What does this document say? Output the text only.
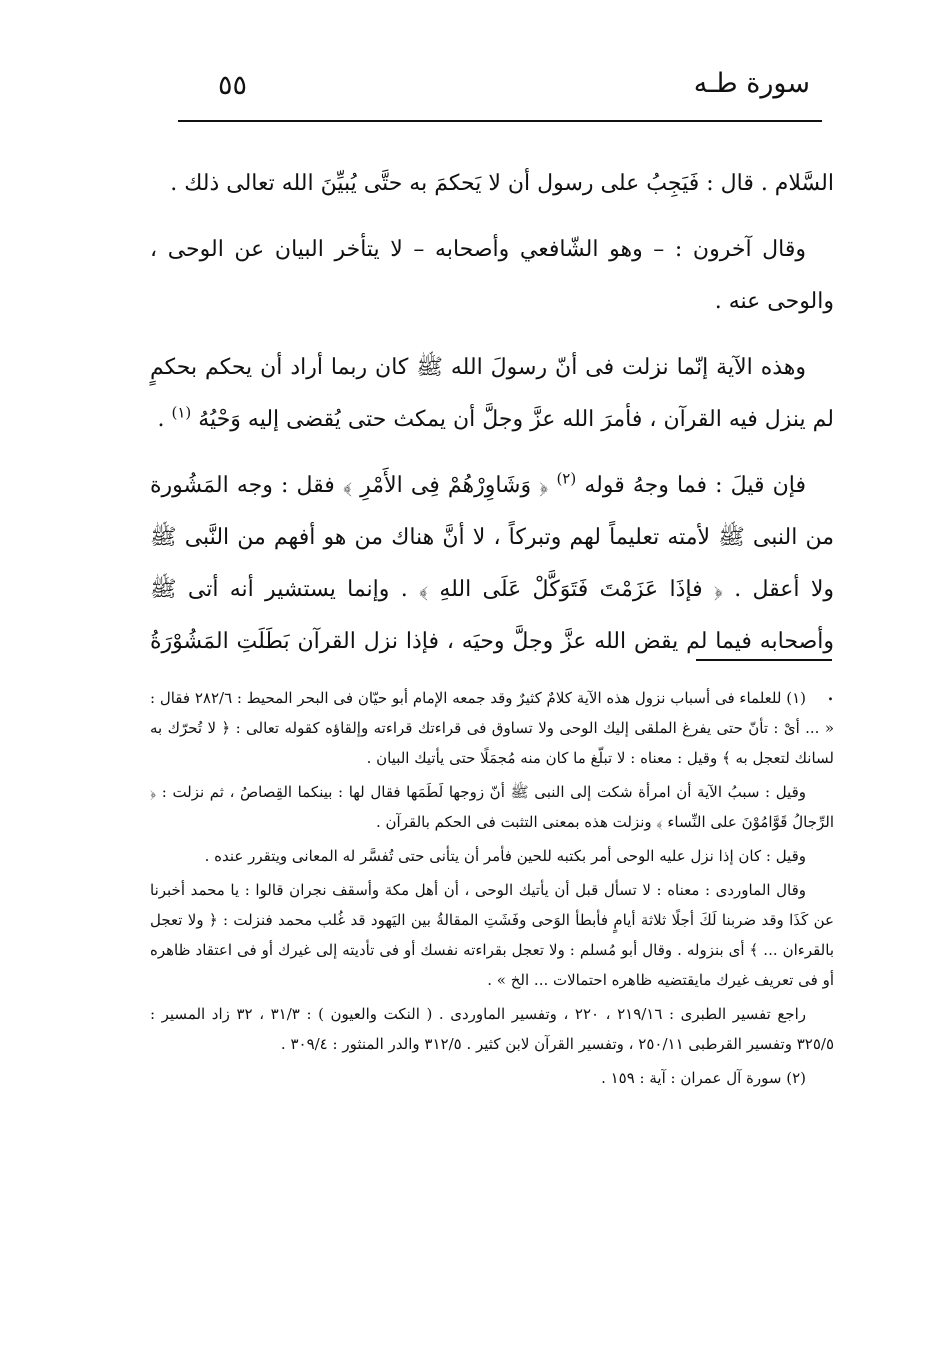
٥٥	سورة طـه

السَّلام . قال : فَيَجِبُ على رسول أن لا يَحكمَ به حتَّى يُبيِّنَ الله تعالى ذلك .

وقال آخرون : – وهو الشّافعي وأصحابه – لا يتأخر البيان عن الوحى ، والوحى عنه .

وهذه الآية إنّما نزلت فى أنّ رسولَ الله ﷺ كان ربما أراد أن يحكم بحكمٍ لم ينزل فيه القرآن ، فأمرَ الله عزَّ وجلَّ أن يمكث حتى يُقضى إليه وَحْيُهُ $^{(١)}$ .

فإن قيلَ : فما وجهُ قوله $^{(٢)}$ ﴿ وَشَاوِرْهُمْ فِى الأَمْرِ ﴾ فقل : وجه المَشُورة من النبى ﷺ لأمته تعليماً لهم وتبركاً ، لا أنَّ هناك من هو أفهم من النَّبى ﷺ ولا أعقل . ﴿ فإذَا عَزَمْتَ فَتَوَكَّلْ عَلَى اللهِ ﴾ . وإنما يستشير أنه أتى ﷺ وأصحابه فيما لم يقض الله عزَّ وجلَّ وحيَه ، فإذا نزل القرآن بَطَلَتِ المَشُوْرَةُ .

(١) للعلماء فى أسباب نزول هذه الآية كلامٌ كثيرٌ وقد جمعه الإمام أبو حيّان فى البحر المحيط : ٢٨٢/٦ فقال : « ... أىْ : تأنّ حتى يفرغ الملقى إليك الوحى ولا تساوق فى قراءتك قراءته وإلقاؤه كقوله تعالى : ﴿ لا تُحرّك به لسانك لتعجل به ﴾ وقيل : معناه : لا تبلّغ ما كان منه مُجمَلًا حتى يأتيك البيان .

وقيل : سببُ الآية أن امرأة شكت إلى النبى ﷺ أنّ زوجها لَطَمَها فقال لها : بينكما القِصاصُ ، ثم نزلت : ﴿ الرِّجالُ قَوَّامُوْنَ على النِّساء ﴾ ونزلت هذه بمعنى التثبت فى الحكم بالقرآن .

وقيل : كان إذا نزل عليه الوحى أمر بكتبه للحين فأمر أن يتأنى حتى تُفسَّر له المعانى ويتقرر عنده .

وقال الماوردى : معناه : لا تسأل قبل أن يأتيك الوحى ، أن أهل مكة وأسقف نجران قالوا : يا محمد أخبرنا عن كَذَا وقد ضربنا لَكَ أجلًا ثلاثة أيامٍ فأبطأ الوَحى وفَشَتِ المقالةُ بين اليَهود قد غُلب محمد فنزلت : ﴿ ولا تعجل بالقرءان ... ﴾ أى بنزوله . وقال أبو مُسلم : ولا تعجل بقراءته نفسك أو فى تأديته إلى غيرك أو فى اعتقاد ظاهره أو فى تعريف غيرك مايقتضيه ظاهره احتمالات ... الخ » .

راجع تفسير الطبرى : ٢١٩/١٦ ، ٢٢٠ ، وتفسير الماوردى . ( النكت والعيون ) : ٣١/٣ ، ٣٢ زاد المسير : ٣٢٥/٥ وتفسير القرطبى ٢٥٠/١١ ، وتفسير القرآن لابن كثير . ٣١٢/٥ والدر المنثور : ٣٠٩/٤ .

(٢) سورة آل عمران : آية : ١٥٩ .
